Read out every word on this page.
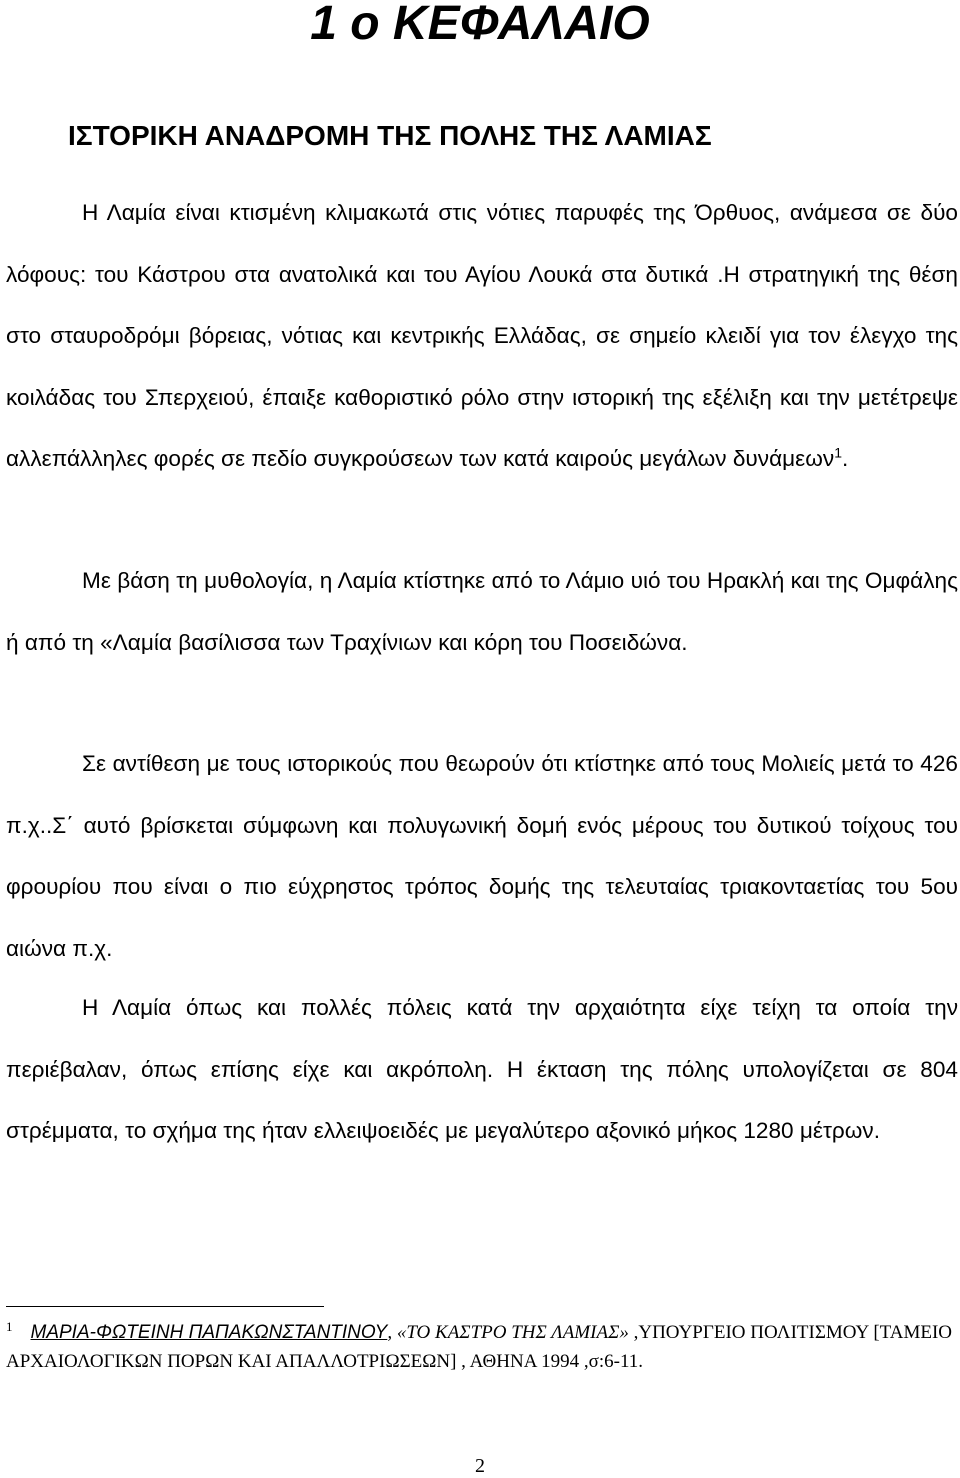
1 ο ΚΕΦΑΛΑΙΟ
ΙΣΤΟΡΙΚΗ ΑΝΑΔΡΟΜΗ ΤΗΣ ΠΟΛΗΣ ΤΗΣ ΛΑΜΙΑΣ

Η Λαμία είναι κτισμένη κλιμακωτά στις νότιες παρυφές της Όρθυος, ανάμεσα σε δύο λόφους: του Κάστρου στα ανατολικά και του Αγίου Λουκά στα δυτικά .Η στρατηγική της θέση στο σταυροδρόμι βόρειας, νότιας και κεντρικής Ελλάδας, σε σημείο κλειδί για τον έλεγχο της κοιλάδας του Σπερχειού, έπαιξε καθοριστικό ρόλο στην ιστορική της εξέλιξη και την μετέτρεψε αλλεπάλληλες φορές σε πεδίο συγκρούσεων των κατά καιρούς μεγάλων δυνάμεων$^1$.

Με βάση τη μυθολογία, η Λαμία κτίστηκε από το Λάμιο υιό του Ηρακλή και της Ομφάλης ή από τη «Λαμία βασίλισσα των Τραχίνιων και κόρη του Ποσειδώνα.

Σε αντίθεση με τους ιστορικούς που θεωρούν ότι κτίστηκε από τους Μολιείς μετά το 426 π.χ..Σ΄ αυτό βρίσκεται σύμφωνη και πολυγωνική δομή ενός μέρους του δυτικού τοίχους του φρουρίου που είναι ο πιο εύχρηστος τρόπος δομής της τελευταίας τριακονταετίας του 5ου αιώνα π.χ.

Η Λαμία όπως και πολλές πόλεις κατά την αρχαιότητα είχε τείχη τα οποία την περιέβαλαν, όπως επίσης είχε και ακρόπολη. Η έκταση της πόλης υπολογίζεται σε 804 στρέμματα, το σχήμα της ήταν ελλειψοειδές με μεγαλύτερο αξονικό μήκος 1280 μέτρων.

$^1$ ΜΑΡΙΑ-ΦΩΤΕΙΝΗ ΠΑΠΑΚΩΝΣΤΑΝΤΙΝΟΥ, «ΤΟ ΚΑΣΤΡΟ ΤΗΣ ΛΑΜΙΑΣ» ,ΥΠΟΥΡΓΕΙΟ ΠΟΛΙΤΙΣΜΟΥ [ΤΑΜΕΙΟ ΑΡΧΑΙΟΛΟΓΙΚΩΝ ΠΟΡΩΝ ΚΑΙ ΑΠΑΛΛΟΤΡΙΩΣΕΩΝ] , ΑΘΗΝΑ 1994 ,σ:6-11.

2
